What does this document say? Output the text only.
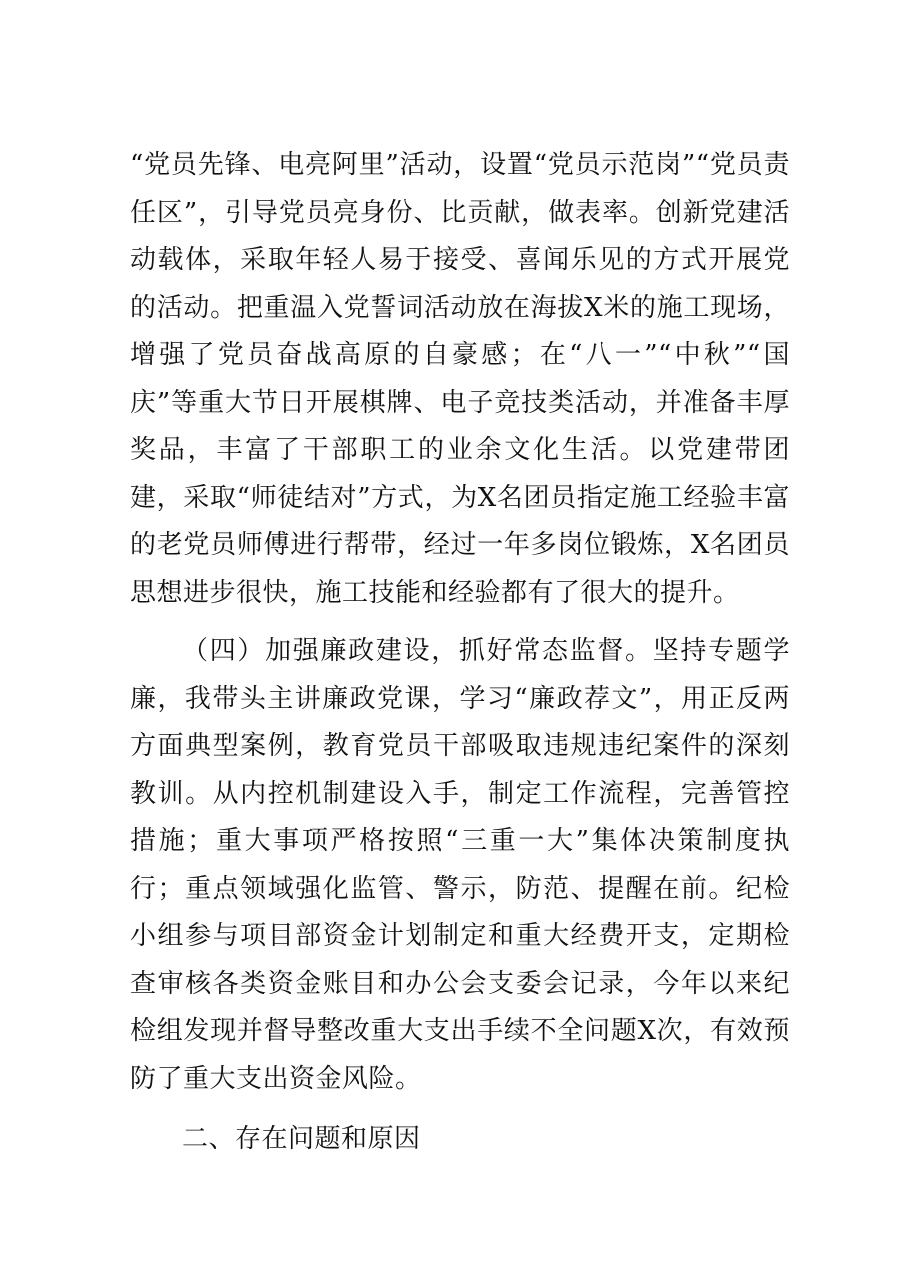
“党员先锋、电亮阿里”活动，设置“党员示范岗”“党员责任区”，引导党员亮身份、比贡献，做表率。创新党建活动载体，采取年轻人易于接受、喜闻乐见的方式开展党的活动。把重温入党誓词活动放在海拔X米的施工现场，增强了党员奋战高原的自豪感；在“八一”“中秋”“国庆”等重大节日开展棋牌、电子竞技类活动，并准备丰厚奖品，丰富了干部职工的业余文化生活。以党建带团建，采取“师徒结对”方式，为X名团员指定施工经验丰富的老党员师傅进行帮带，经过一年多岗位锻炼，X名团员思想进步很快，施工技能和经验都有了很大的提升。

（四）加强廉政建设，抓好常态监督。坚持专题学廉，我带头主讲廉政党课，学习“廉政荐文”，用正反两方面典型案例，教育党员干部吸取违规违纪案件的深刻教训。从内控机制建设入手，制定工作流程，完善管控措施；重大事项严格按照“三重一大”集体决策制度执行；重点领域强化监管、警示，防范、提醒在前。纪检小组参与项目部资金计划制定和重大经费开支，定期检查审核各类资金账目和办公会支委会记录，今年以来纪检组发现并督导整改重大支出手续不全问题X次，有效预防了重大支出资金风险。

二、存在问题和原因
